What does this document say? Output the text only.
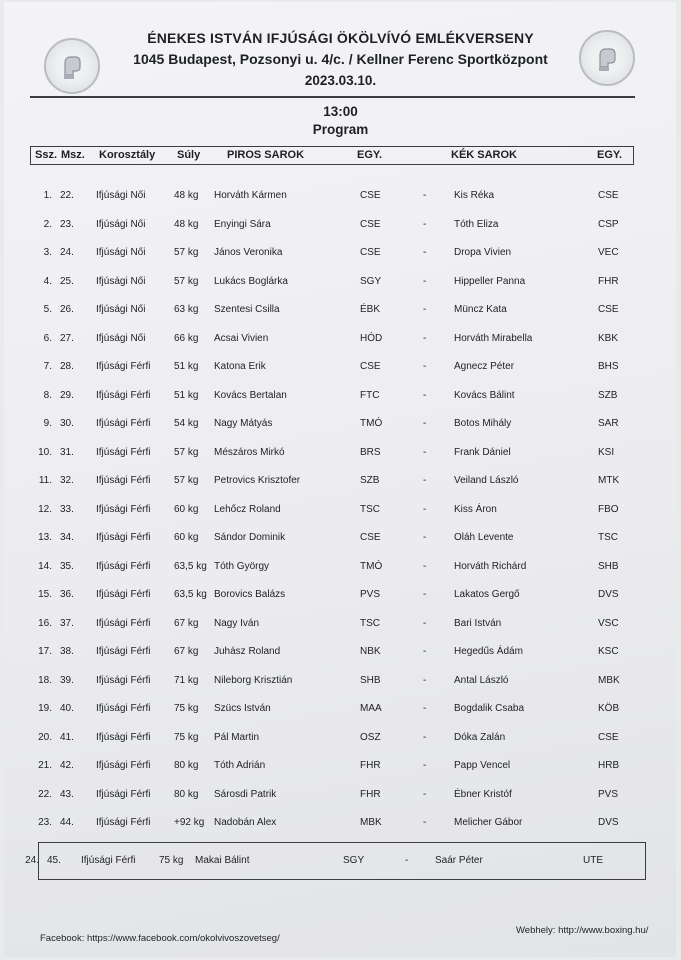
ÉNEKES ISTVÁN IFJÚSÁGI ÖKÖLVÍVÓ EMLÉKVERSENY
1045 Budapest, Pozsonyi u. 4/c. / Kellner Ferenc Sportközpont
2023.03.10.
13:00
Program
Ssz. Msz. Korosztály Súly PIROS SAROK	EGY.	KÉK SAROK	EGY.
1. 22. Ifjúsági Női	48 kg Horváth Kármen	CSE	-	Kis Réka	CSE
2. 23. Ifjúsági Női	48 kg Enyingi Sára	CSE	-	Tóth Eliza	CSP
3. 24. Ifjúsági Női	57 kg János Veronika	CSE	-	Dropa Vivien	VEC
4. 25. Ifjúsági Női	57 kg Lukács Boglárka	SGY	-	Hippeller Panna	FHR
5. 26. Ifjúsági Női	63 kg Szentesi Csilla	ÉBK	-	Müncz Kata	CSE
6. 27. Ifjúsági Női	66 kg Acsai Vivien	HÓD	-	Horváth Mirabella	KBK
7. 28. Ifjúsági Férfi 51 kg Katona Erik	CSE	-	Agnecz Péter	BHS
8. 29. Ifjúsági Férfi 51 kg Kovács Bertalan	FTC	-	Kovács Bálint	SZB
9. 30. Ifjúsági Férfi 54 kg Nagy Mátyás	TMÓ	-	Botos Mihály	SAR
10. 31. Ifjúsági Férfi 57 kg Mészáros Mirkó	BRS	-	Frank Dániel	KSI
11. 32. Ifjúsági Férfi 57 kg Petrovics Krisztofer	SZB	-	Veiland László	MTK
12. 33. Ifjúsági Férfi 60 kg Lehőcz Roland	TSC	-	Kiss Áron	FBO
13. 34. Ifjúsági Férfi 60 kg Sándor Dominik	CSE	-	Oláh Levente	TSC
14. 35. Ifjúsági Férfi 63,5 kg Tóth György	TMÓ	-	Horváth Richárd	SHB
15. 36. Ifjúsági Férfi 63,5 kg Borovics Balázs	PVS	-	Lakatos Gergő	DVS
16. 37. Ifjúsági Férfi 67 kg Nagy Iván	TSC	-	Bari István	VSC
17. 38. Ifjúsági Férfi 67 kg Juhász Roland	NBK	-	Hegedűs Ádám	KSC
18. 39. Ifjúsági Férfi 71 kg Nileborg Krisztián	SHB	-	Antal László	MBK
19. 40. Ifjúsági Férfi 75 kg Szücs István	MAA	-	Bogdalik Csaba	KÖB
20. 41. Ifjúsági Férfi 75 kg Pál Martin	OSZ	-	Dóka Zalán	CSE
21. 42. Ifjúsági Férfi 80 kg Tóth Adrián	FHR	-	Papp Vencel	HRB
22. 43. Ifjúsági Férfi 80 kg Sárosdi Patrik	FHR	-	Ébner Kristóf	PVS
23. 44. Ifjúsági Férfi +92 kg Nadobán Alex	MBK	-	Melicher Gábor	DVS
24. 45. Ifjúsági Férfi 75 kg Makai Bálint	SGY	-	Saár Péter	UTE
Facebook: https://www.facebook.com/okolvivoszovetseg/
Webhely: http://www.boxing.hu/
